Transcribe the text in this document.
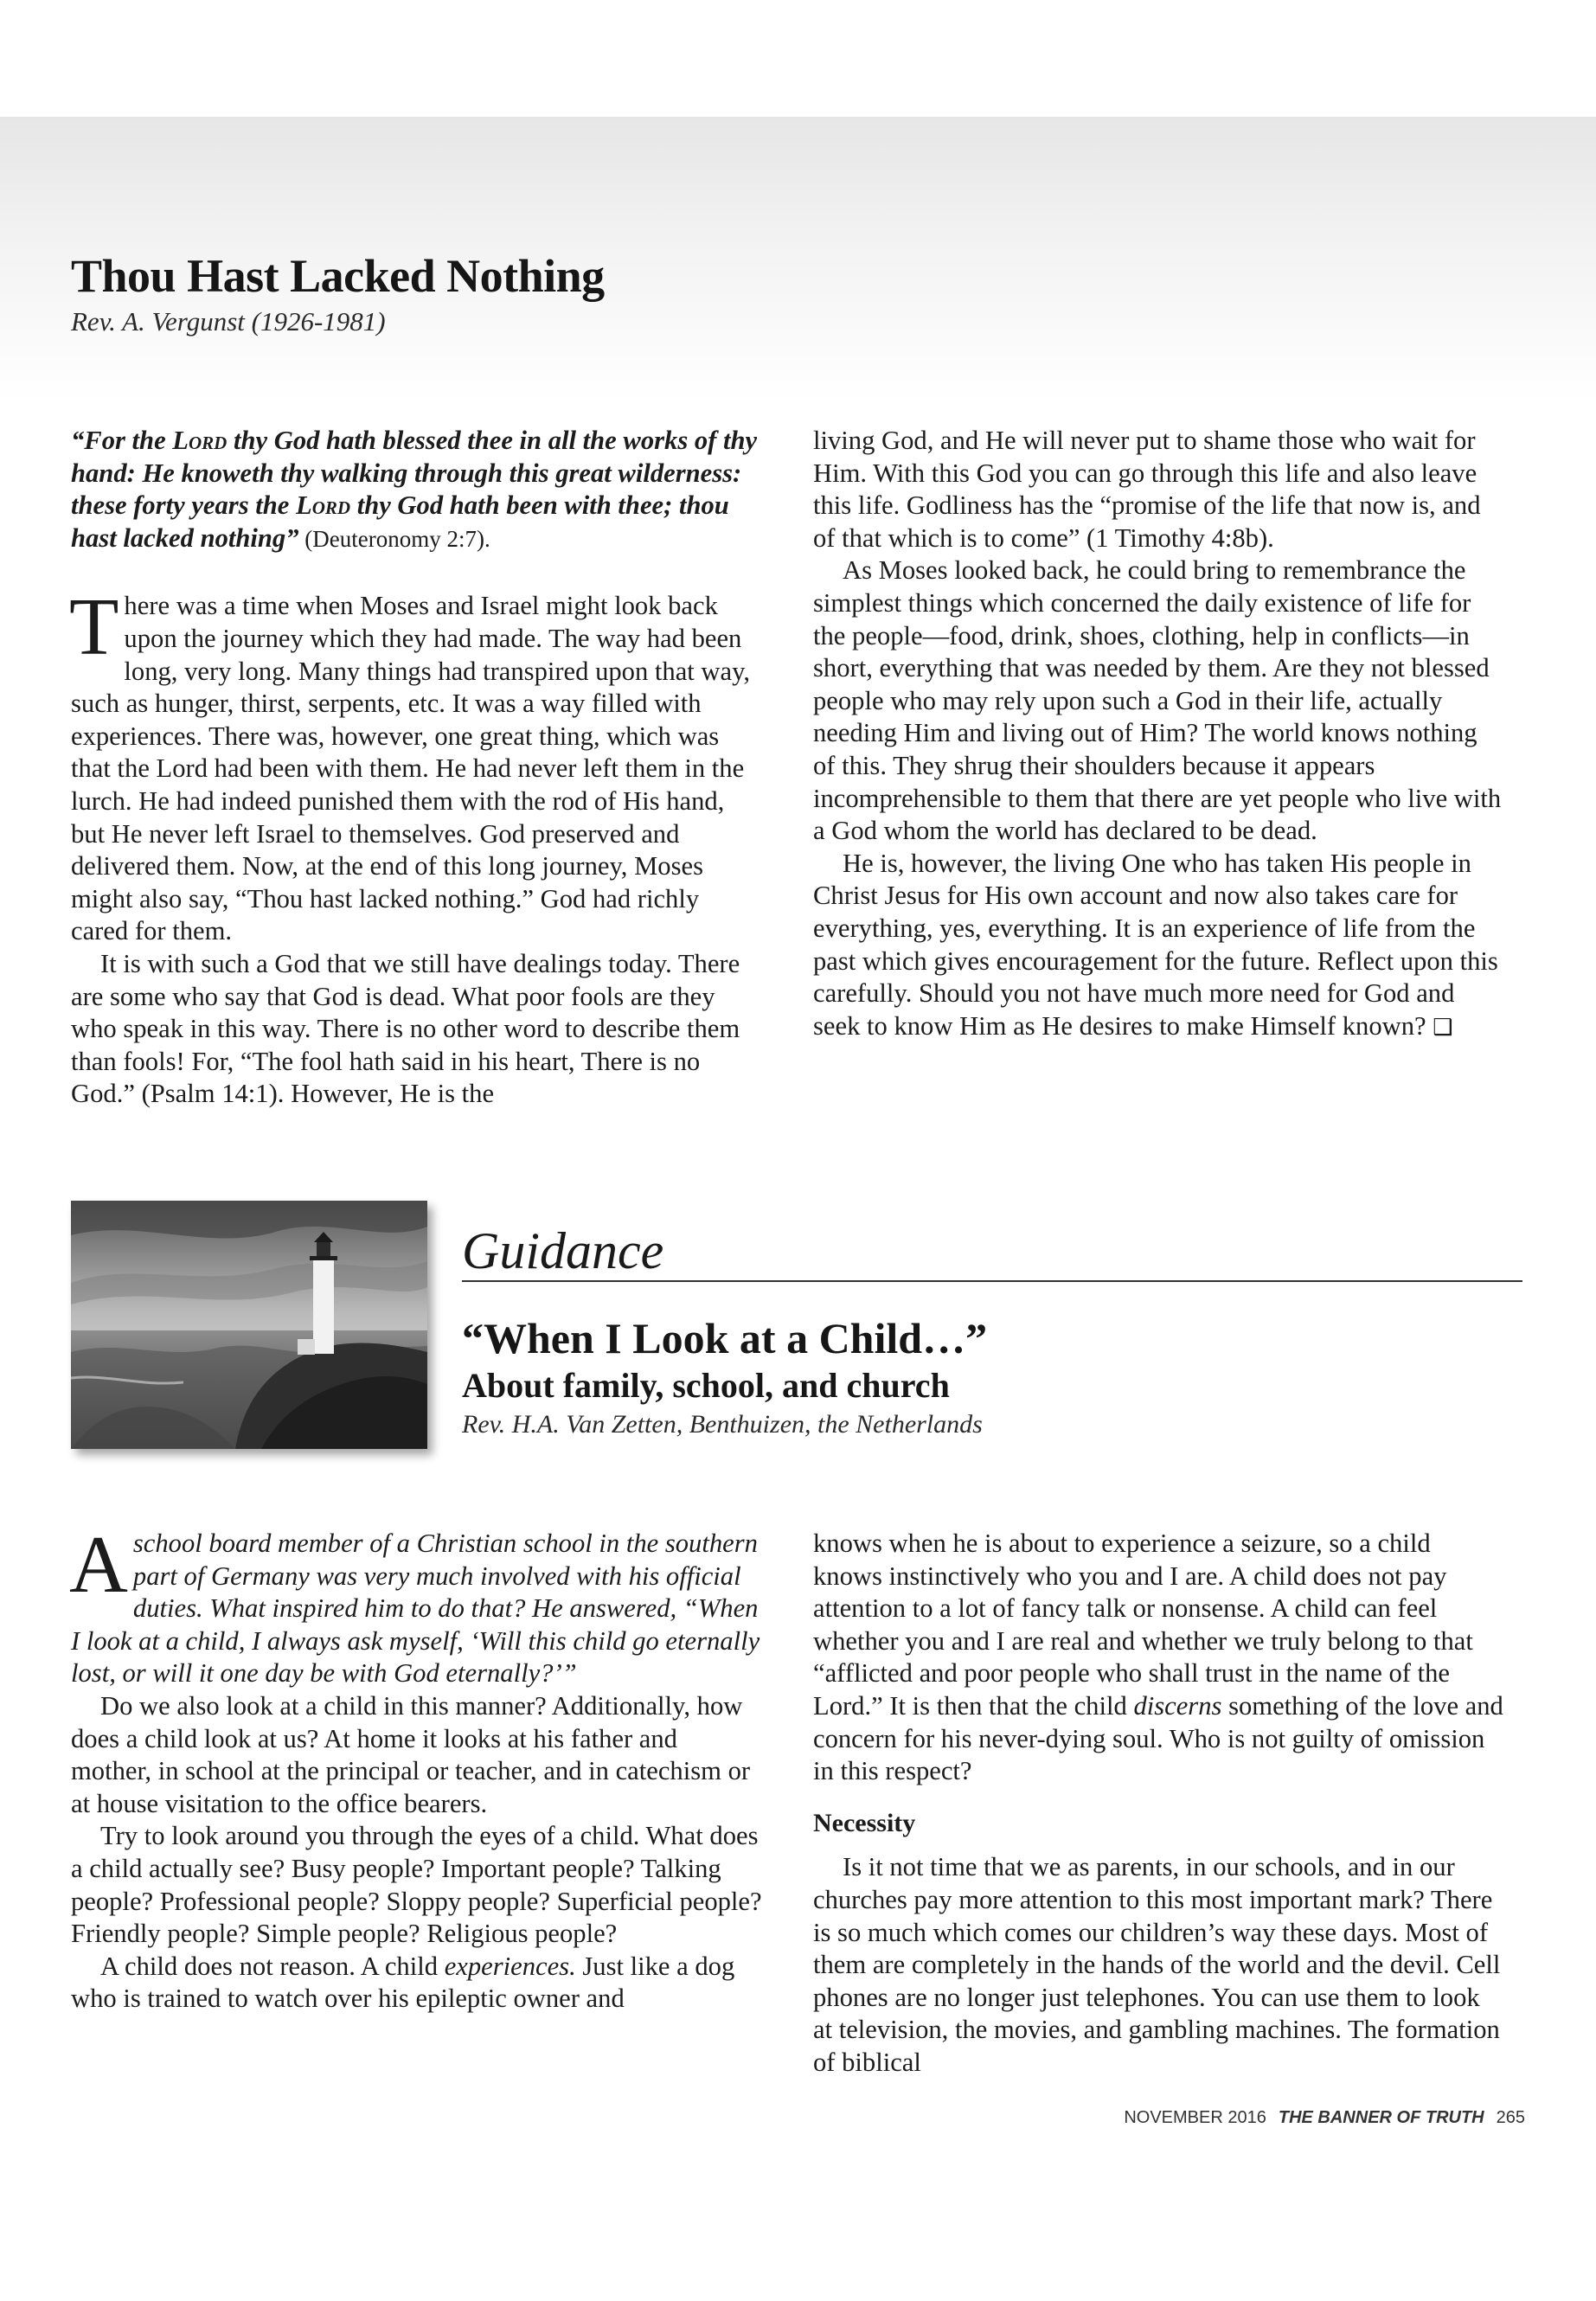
Thou Hast Lacked Nothing

Rev. A. Vergunst (1926-1981)

“For the Lord thy God hath blessed thee in all the works of thy hand: He knoweth thy walking through this great wilderness: these forty years the Lord thy God hath been with thee; thou hast lacked nothing” (Deuteronomy 2:7).

There was a time when Moses and Israel might look back upon the journey which they had made. The way had been long, very long. Many things had transpired upon that way, such as hunger, thirst, serpents, etc. It was a way filled with experiences. There was, however, one great thing, which was that the Lord had been with them. He had never left them in the lurch. He had indeed punished them with the rod of His hand, but He never left Israel to themselves. God preserved and delivered them. Now, at the end of this long journey, Moses might also say, “Thou hast lacked nothing.” God had richly cared for them.

It is with such a God that we still have dealings today. There are some who say that God is dead. What poor fools are they who speak in this way. There is no other word to describe them than fools! For, “The fool hath said in his heart, There is no God.” (Psalm 14:1). However, He is the

living God, and He will never put to shame those who wait for Him. With this God you can go through this life and also leave this life. Godliness has the “promise of the life that now is, and of that which is to come” (1 Timothy 4:8b).

As Moses looked back, he could bring to remembrance the simplest things which concerned the daily existence of life for the people—food, drink, shoes, clothing, help in conflicts—in short, everything that was needed by them. Are they not blessed people who may rely upon such a God in their life, actually needing Him and living out of Him? The world knows nothing of this. They shrug their shoulders because it appears incomprehensible to them that there are yet people who live with a God whom the world has declared to be dead.

He is, however, the living One who has taken His people in Christ Jesus for His own account and now also takes care for everything, yes, everything. It is an experience of life from the past which gives encouragement for the future. Reflect upon this carefully. Should you not have much more need for God and seek to know Him as He desires to make Himself known? ❑

Guidance
“When I Look at a Child…”
About family, school, and church

Rev. H.A. Van Zetten, Benthuizen, the Netherlands

A school board member of a Christian school in the southern part of Germany was very much involved with his official duties. What inspired him to do that? He answered, “When I look at a child, I always ask myself, ‘Will this child go eternally lost, or will it one day be with God eternally?’”

Do we also look at a child in this manner? Additionally, how does a child look at us? At home it looks at his father and mother, in school at the principal or teacher, and in catechism or at house visitation to the office bearers.

Try to look around you through the eyes of a child. What does a child actually see? Busy people? Important people? Talking people? Professional people? Sloppy people? Superficial people? Friendly people? Simple people? Religious people?

A child does not reason. A child experiences. Just like a dog who is trained to watch over his epileptic owner and

knows when he is about to experience a seizure, so a child knows instinctively who you and I are. A child does not pay attention to a lot of fancy talk or nonsense. A child can feel whether you and I are real and whether we truly belong to that “afflicted and poor people who shall trust in the name of the Lord.” It is then that the child discerns something of the love and concern for his never-dying soul. Who is not guilty of omission in this respect?

Necessity

Is it not time that we as parents, in our schools, and in our churches pay more attention to this most important mark? There is so much which comes our children’s way these days. Most of them are completely in the hands of the world and the devil. Cell phones are no longer just telephones. You can use them to look at television, the movies, and gambling machines. The formation of biblical

NOVEMBER 2016 THE BANNER OF TRUTH 265
